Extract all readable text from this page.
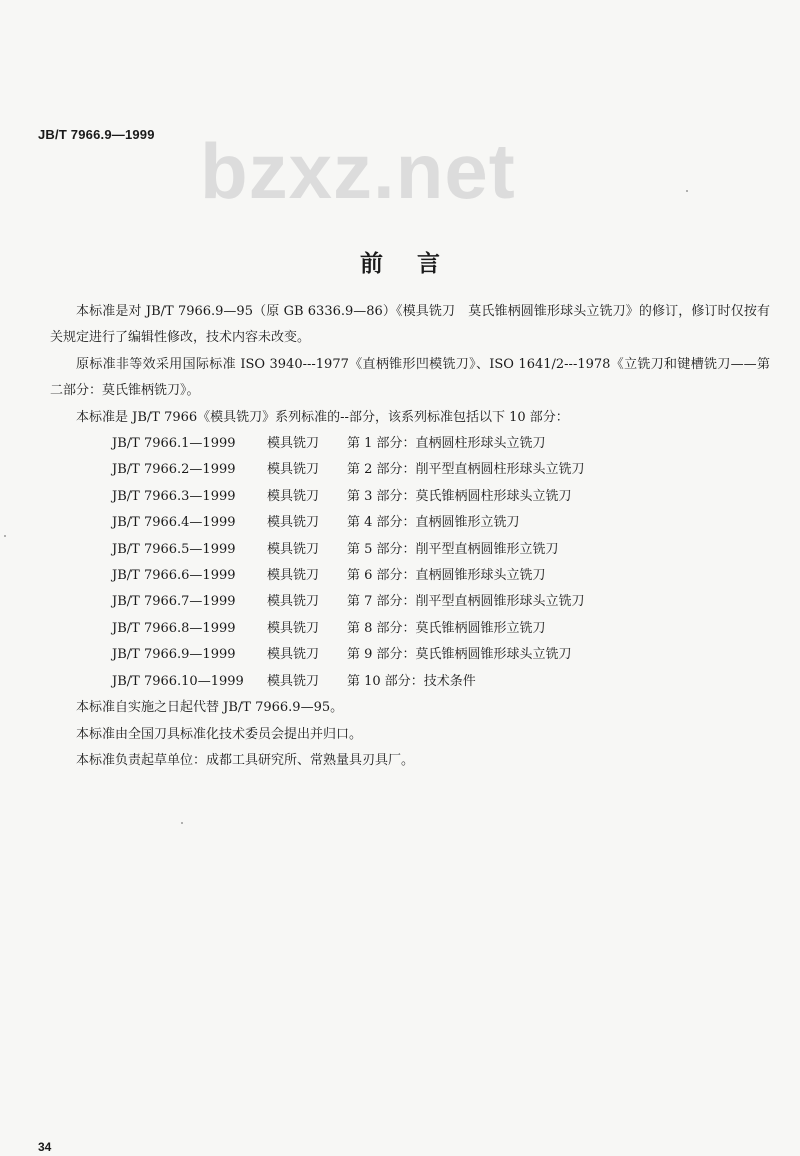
JB/T 7966.9—1999 bzxz.net
前言

本标准是对 JB/T 7966.9—95（原 GB 6336.9—86）《模具铣刀　莫氏锥柄圆锥形球头立铣刀》的修订，修订时仅按有关规定进行了编辑性修改，技术内容未改变。

原标准非等效采用国际标准 ISO 3940---1977《直柄锥形凹模铣刀》、ISO 1641/2---1978《立铣刀和键槽铣刀——第二部分：莫氏锥柄铣刀》。

本标准是 JB/T 7966《模具铣刀》系列标准的--部分，该系列标准包括以下 10 部分：

JB/T 7966.1—1999	模具铣刀	第 1 部分：直柄圆柱形球头立铣刀
JB/T 7966.2—1999	模具铣刀	第 2 部分：削平型直柄圆柱形球头立铣刀
JB/T 7966.3—1999	模具铣刀	第 3 部分：莫氏锥柄圆柱形球头立铣刀
JB/T 7966.4—1999	模具铣刀	第 4 部分：直柄圆锥形立铣刀
JB/T 7966.5—1999	模具铣刀	第 5 部分：削平型直柄圆锥形立铣刀
JB/T 7966.6—1999	模具铣刀	第 6 部分：直柄圆锥形球头立铣刀
JB/T 7966.7—1999	模具铣刀	第 7 部分：削平型直柄圆锥形球头立铣刀
JB/T 7966.8—1999	模具铣刀	第 8 部分：莫氏锥柄圆锥形立铣刀
JB/T 7966.9—1999	模具铣刀	第 9 部分：莫氏锥柄圆锥形球头立铣刀
JB/T 7966.10—1999	模具铣刀	第 10 部分：技术条件

本标准自实施之日起代替 JB/T 7966.9—95。

本标准由全国刀具标准化技术委员会提出并归口。

本标准负责起草单位：成都工具研究所、常熟量具刃具厂。

34
